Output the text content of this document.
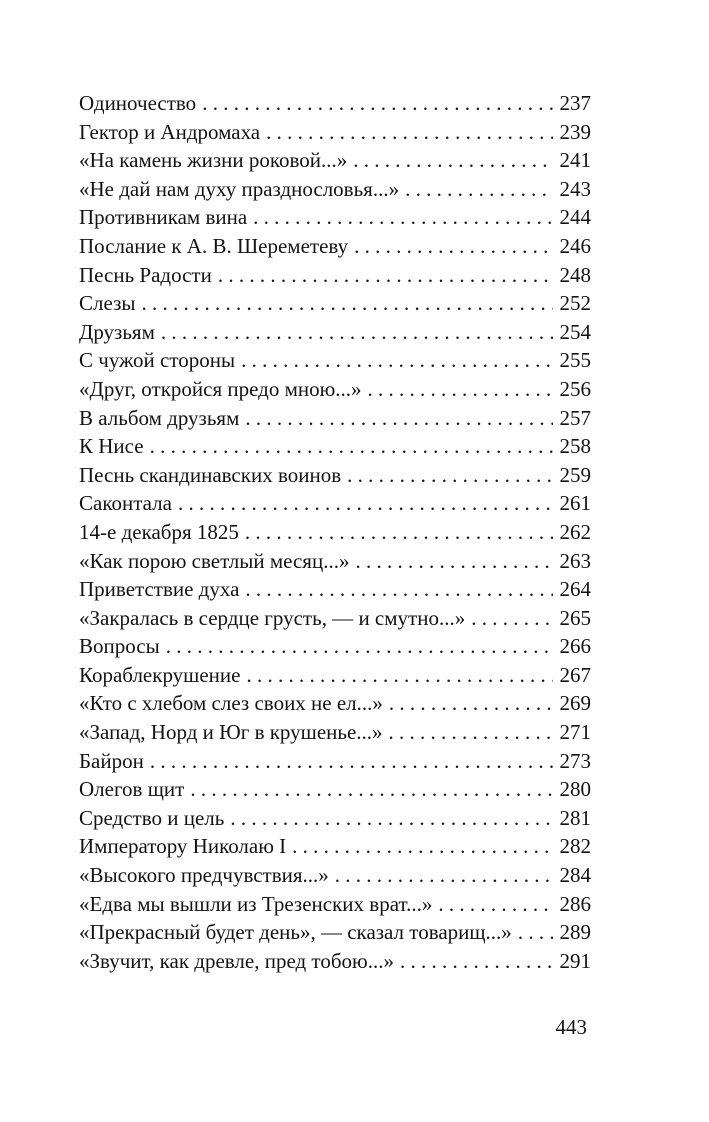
Одиночество . . .	237
Гектор и Андромаха . . .	239
«На камень жизни роковой...» . . .	241
«Не дай нам духу празднословья...» . . .	243
Противникам вина . . .	244
Послание к А. В. Шереметеву . . .	246
Песнь Радости . . .	248
Слезы . . .	252
Друзьям . . .	254
С чужой стороны . . .	255
«Друг, откройся предо мною...» . . .	256
В альбом друзьям . . .	257
К Нисе . . .	258
Песнь скандинавских воинов . . .	259
Саконтала . . .	261
14-е декабря 1825 . . .	262
«Как порою светлый месяц...» . . .	263
Приветствие духа . . .	264
«Закралась в сердце грусть, — и смутно...» . . .	265
Вопросы . . .	266
Кораблекрушение . . .	267
«Кто с хлебом слез своих не ел...» . . .	269
«Запад, Норд и Юг в крушенье...» . . .	271
Байрон . . .	273
Олегов щит . . .	280
Средство и цель . . .	281
Императору Николаю I . . .	282
«Высокого предчувствия...» . . .	284
«Едва мы вышли из Трезенских врат...» . . .	286
«Прекрасный будет день», — сказал товарищ...» . . . 289
«Звучит, как древле, пред тобою...» . . .	291
443
